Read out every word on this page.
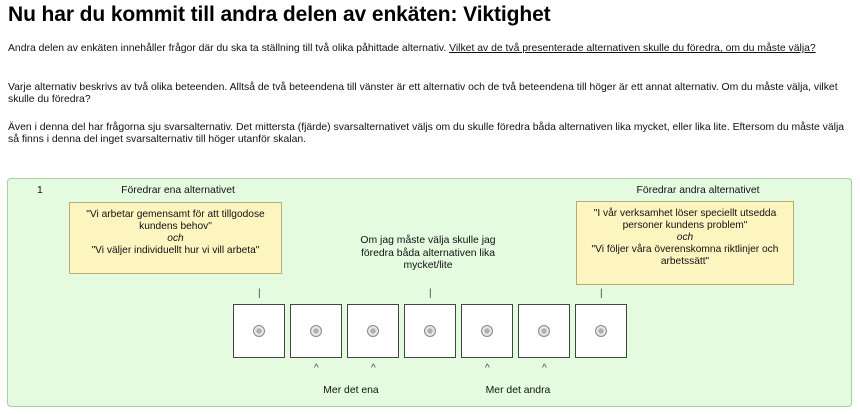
Nu har du kommit till andra delen av enkäten: Viktighet

Andra delen av enkäten innehåller frågor där du ska ta ställning till två olika påhittade alternativ. Vilket av de två presenterade alternativen skulle du föredra, om du måste välja?

Varje alternativ beskrivs av två olika beteenden. Alltså de två beteendena till vänster är ett alternativ och de två beteendena till höger är ett annat alternativ. Om du måste välja, vilket skulle du föredra?

Även i denna del har frågorna sju svarsalternativ. Det mittersta (fjärde) svarsalternativet väljs om du skulle föredra båda alternativen lika mycket, eller lika lite. Eftersom du måste välja så finns i denna del inget svarsalternativ till höger utanför skalan.

1	Föredrar ena alternativet	Föredrar andra alternativet
"Vi arbetar gemensamt för att tillgodose kundens behov"
och
"Vi väljer individuellt hur vi vill arbeta"
"I vår verksamhet löser speciellt utsedda personer kundens problem"
och
"Vi följer våra överenskomna riktlinjer och arbetssätt"
Om jag måste välja skulle jag föredra båda alternativen lika mycket/lite
|	|	|
^	^	^	^
Mer det ena	Mer det andra
